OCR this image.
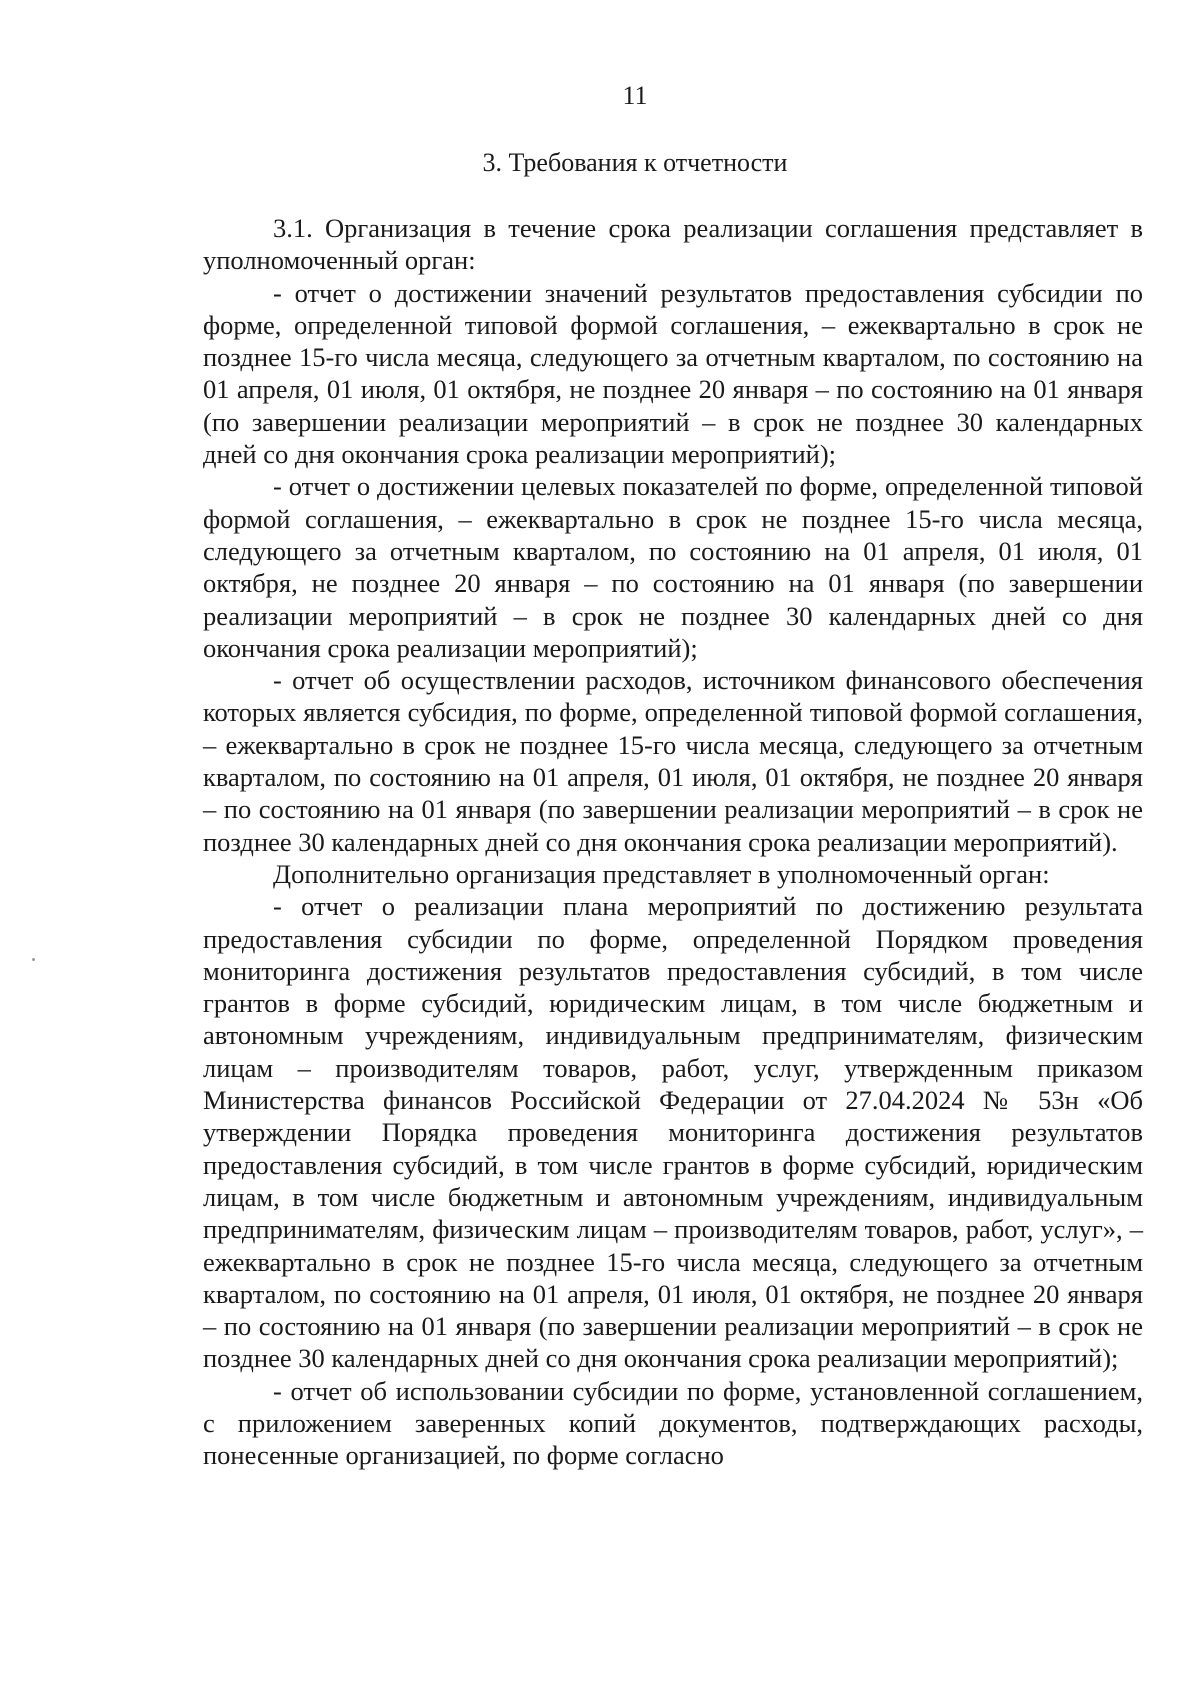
11
3. Требования к отчетности

3.1. Организация в течение срока реализации соглашения представляет в уполномоченный орган:

- отчет о достижении значений результатов предоставления субсидии по форме, определенной типовой формой соглашения, – ежеквартально в срок не позднее 15-го числа месяца, следующего за отчетным кварталом, по состоянию на 01 апреля, 01 июля, 01 октября, не позднее 20 января – по состоянию на 01 января (по завершении реализации мероприятий – в срок не позднее 30 календарных дней со дня окончания срока реализации мероприятий);

- отчет о достижении целевых показателей по форме, определенной типовой формой соглашения, – ежеквартально в срок не позднее 15-го числа месяца, следующего за отчетным кварталом, по состоянию на 01 апреля, 01 июля, 01 октября, не позднее 20 января – по состоянию на 01 января (по завершении реализации мероприятий – в срок не позднее 30 календарных дней со дня окончания срока реализации мероприятий);

- отчет об осуществлении расходов, источником финансового обеспечения которых является субсидия, по форме, определенной типовой формой соглашения, – ежеквартально в срок не позднее 15-го числа месяца, следующего за отчетным кварталом, по состоянию на 01 апреля, 01 июля, 01 октября, не позднее 20 января – по состоянию на 01 января (по завершении реализации мероприятий – в срок не позднее 30 календарных дней со дня окончания срока реализации мероприятий).

Дополнительно организация представляет в уполномоченный орган:

- отчет о реализации плана мероприятий по достижению результата предоставления субсидии по форме, определенной Порядком проведения мониторинга достижения результатов предоставления субсидий, в том числе грантов в форме субсидий, юридическим лицам, в том числе бюджетным и автономным учреждениям, индивидуальным предпринимателям, физическим лицам – производителям товаров, работ, услуг, утвержденным приказом Министерства финансов Российской Федерации от 27.04.2024 № 53н «Об утверждении Порядка проведения мониторинга достижения результатов предоставления субсидий, в том числе грантов в форме субсидий, юридическим лицам, в том числе бюджетным и автономным учреждениям, индивидуальным предпринимателям, физическим лицам – производителям товаров, работ, услуг», – ежеквартально в срок не позднее 15-го числа месяца, следующего за отчетным кварталом, по состоянию на 01 апреля, 01 июля, 01 октября, не позднее 20 января – по состоянию на 01 января (по завершении реализации мероприятий – в срок не позднее 30 календарных дней со дня окончания срока реализации мероприятий);

- отчет об использовании субсидии по форме, установленной соглашением, с приложением заверенных копий документов, подтверждающих расходы, понесенные организацией, по форме согласно
